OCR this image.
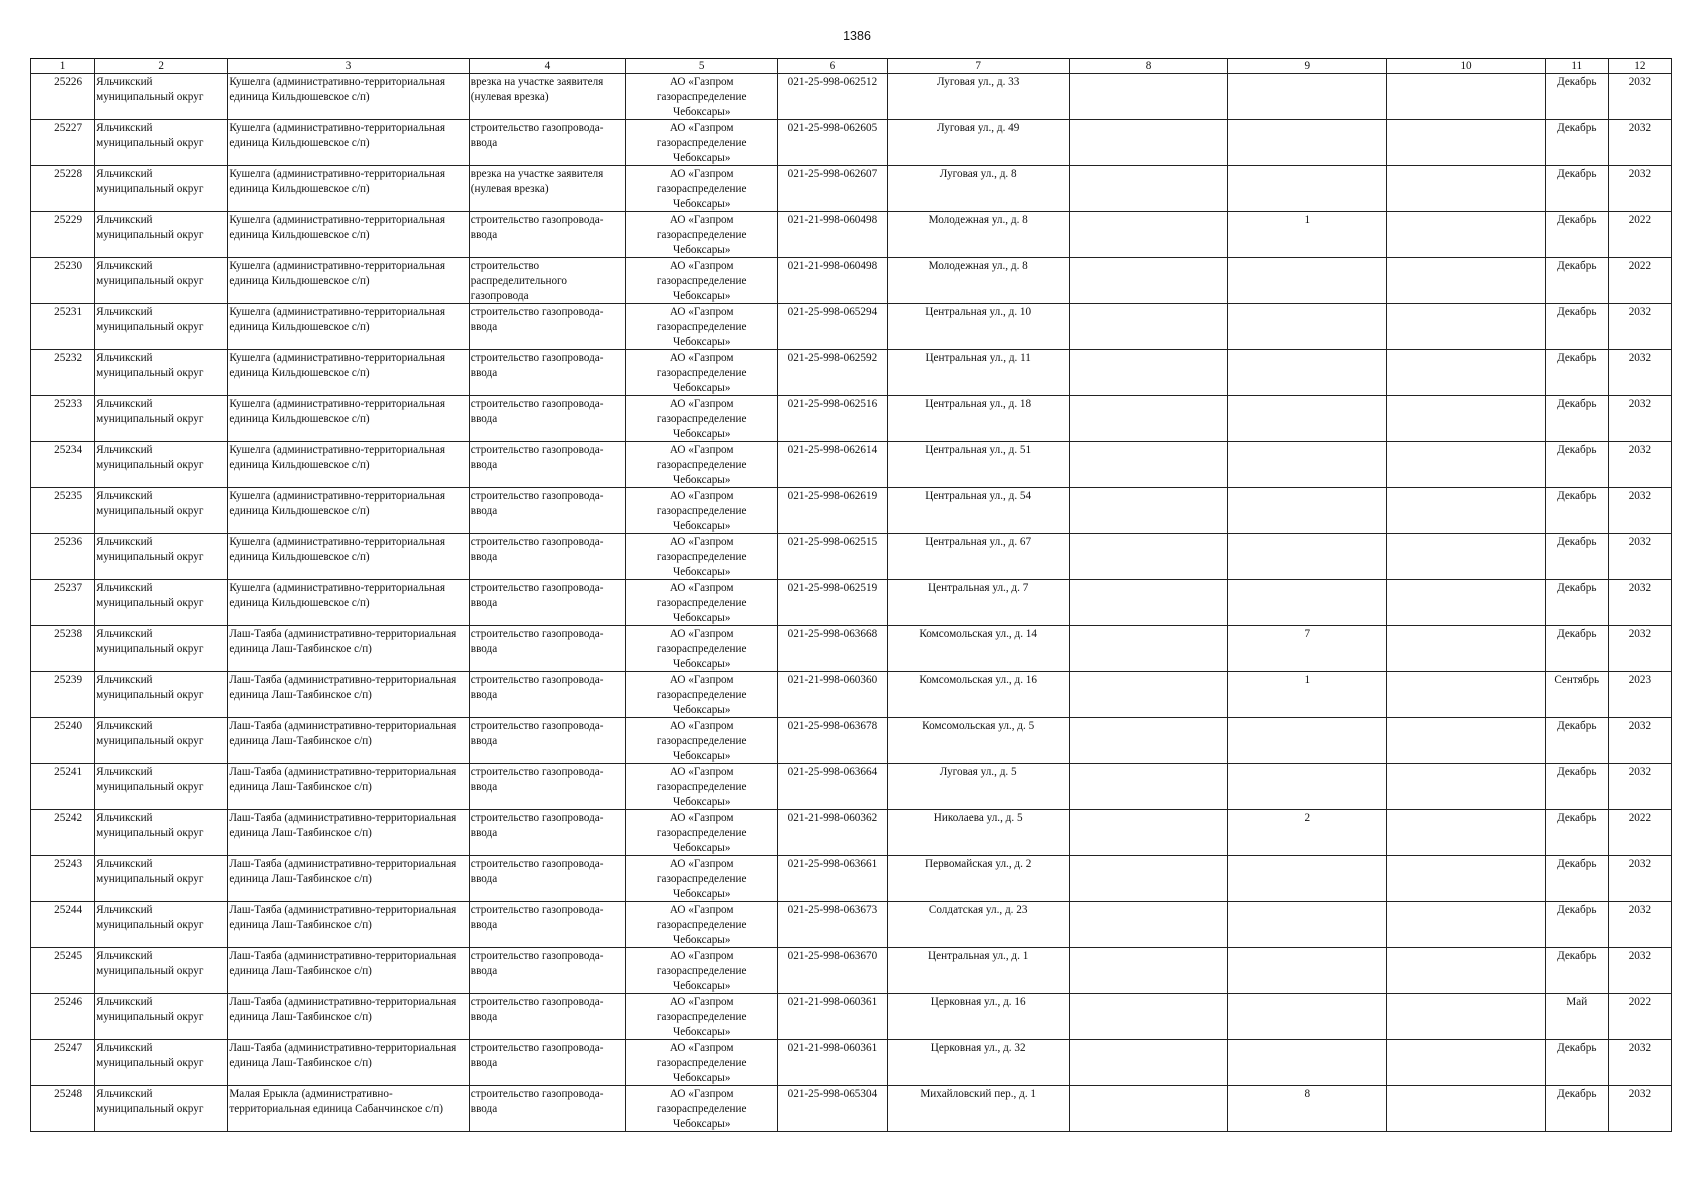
1386
1	2	3	4	5	6	7	8	9	10	11	12

25226	Яльчикский муниципальный округ	Кушелга (административно-территориальная единица Кильдюшевское с/п)	врезка на участке заявителя (нулевая врезка)	АО «Газпром газораспределение Чебоксары»	021-25-998-062512	Луговая ул., д. 33				Декабрь	2032

25227	Яльчикский муниципальный округ	Кушелга (административно-территориальная единица Кильдюшевское с/п)	строительство газопровода-ввода	АО «Газпром газораспределение Чебоксары»	021-25-998-062605	Луговая ул., д. 49				Декабрь	2032

25228	Яльчикский муниципальный округ	Кушелга (административно-территориальная единица Кильдюшевское с/п)	врезка на участке заявителя (нулевая врезка)	АО «Газпром газораспределение Чебоксары»	021-25-998-062607	Луговая ул., д. 8				Декабрь	2032

25229	Яльчикский муниципальный округ	Кушелга (административно-территориальная единица Кильдюшевское с/п)	строительство газопровода-ввода	АО «Газпром газораспределение Чебоксары»	021-21-998-060498	Молодежная ул., д. 8		1		Декабрь	2022

25230	Яльчикский муниципальный округ	Кушелга (административно-территориальная единица Кильдюшевское с/п)	строительство распределительного газопровода	АО «Газпром газораспределение Чебоксары»	021-21-998-060498	Молодежная ул., д. 8				Декабрь	2022

25231	Яльчикский муниципальный округ	Кушелга (административно-территориальная единица Кильдюшевское с/п)	строительство газопровода-ввода	АО «Газпром газораспределение Чебоксары»	021-25-998-065294	Центральная ул., д. 10				Декабрь	2032

25232	Яльчикский муниципальный округ	Кушелга (административно-территориальная единица Кильдюшевское с/п)	строительство газопровода-ввода	АО «Газпром газораспределение Чебоксары»	021-25-998-062592	Центральная ул., д. 11				Декабрь	2032

25233	Яльчикский муниципальный округ	Кушелга (административно-территориальная единица Кильдюшевское с/п)	строительство газопровода-ввода	АО «Газпром газораспределение Чебоксары»	021-25-998-062516	Центральная ул., д. 18				Декабрь	2032

25234	Яльчикский муниципальный округ	Кушелга (административно-территориальная единица Кильдюшевское с/п)	строительство газопровода-ввода	АО «Газпром газораспределение Чебоксары»	021-25-998-062614	Центральная ул., д. 51				Декабрь	2032

25235	Яльчикский муниципальный округ	Кушелга (административно-территориальная единица Кильдюшевское с/п)	строительство газопровода-ввода	АО «Газпром газораспределение Чебоксары»	021-25-998-062619	Центральная ул., д. 54				Декабрь	2032

25236	Яльчикский муниципальный округ	Кушелга (административно-территориальная единица Кильдюшевское с/п)	строительство газопровода-ввода	АО «Газпром газораспределение Чебоксары»	021-25-998-062515	Центральная ул., д. 67				Декабрь	2032

25237	Яльчикский муниципальный округ	Кушелга (административно-территориальная единица Кильдюшевское с/п)	строительство газопровода-ввода	АО «Газпром газораспределение Чебоксары»	021-25-998-062519	Центральная ул., д. 7				Декабрь	2032

25238	Яльчикский муниципальный округ	Лаш-Таяба (административно-территориальная единица Лаш-Таябинское с/п)	строительство газопровода-ввода	АО «Газпром газораспределение Чебоксары»	021-25-998-063668	Комсомольская ул., д. 14		7		Декабрь	2032

25239	Яльчикский муниципальный округ	Лаш-Таяба (административно-территориальная единица Лаш-Таябинское с/п)	строительство газопровода-ввода	АО «Газпром газораспределение Чебоксары»	021-21-998-060360	Комсомольская ул., д. 16		1		Сентябрь	2023

25240	Яльчикский муниципальный округ	Лаш-Таяба (административно-территориальная единица Лаш-Таябинское с/п)	строительство газопровода-ввода	АО «Газпром газораспределение Чебоксары»	021-25-998-063678	Комсомольская ул., д. 5				Декабрь	2032

25241	Яльчикский муниципальный округ	Лаш-Таяба (административно-территориальная единица Лаш-Таябинское с/п)	строительство газопровода-ввода	АО «Газпром газораспределение Чебоксары»	021-25-998-063664	Луговая ул., д. 5				Декабрь	2032

25242	Яльчикский муниципальный округ	Лаш-Таяба (административно-территориальная единица Лаш-Таябинское с/п)	строительство газопровода-ввода	АО «Газпром газораспределение Чебоксары»	021-21-998-060362	Николаева ул., д. 5		2		Декабрь	2022

25243	Яльчикский муниципальный округ	Лаш-Таяба (административно-территориальная единица Лаш-Таябинское с/п)	строительство газопровода-ввода	АО «Газпром газораспределение Чебоксары»	021-25-998-063661	Первомайская ул., д. 2				Декабрь	2032

25244	Яльчикский муниципальный округ	Лаш-Таяба (административно-территориальная единица Лаш-Таябинское с/п)	строительство газопровода-ввода	АО «Газпром газораспределение Чебоксары»	021-25-998-063673	Солдатская ул., д. 23				Декабрь	2032

25245	Яльчикский муниципальный округ	Лаш-Таяба (административно-территориальная единица Лаш-Таябинское с/п)	строительство газопровода-ввода	АО «Газпром газораспределение Чебоксары»	021-25-998-063670	Центральная ул., д. 1				Декабрь	2032

25246	Яльчикский муниципальный округ	Лаш-Таяба (административно-территориальная единица Лаш-Таябинское с/п)	строительство газопровода-ввода	АО «Газпром газораспределение Чебоксары»	021-21-998-060361	Церковная ул., д. 16				Май	2022

25247	Яльчикский муниципальный округ	Лаш-Таяба (административно-территориальная единица Лаш-Таябинское с/п)	строительство газопровода-ввода	АО «Газпром газораспределение Чебоксары»	021-21-998-060361	Церковная ул., д. 32				Декабрь	2032

25248	Яльчикский муниципальный округ	Малая Ерыкла (административно-территориальная единица Сабанчинское с/п)	строительство газопровода-ввода	АО «Газпром газораспределение Чебоксары»	021-25-998-065304	Михайловский пер., д. 1		8		Декабрь	2032
